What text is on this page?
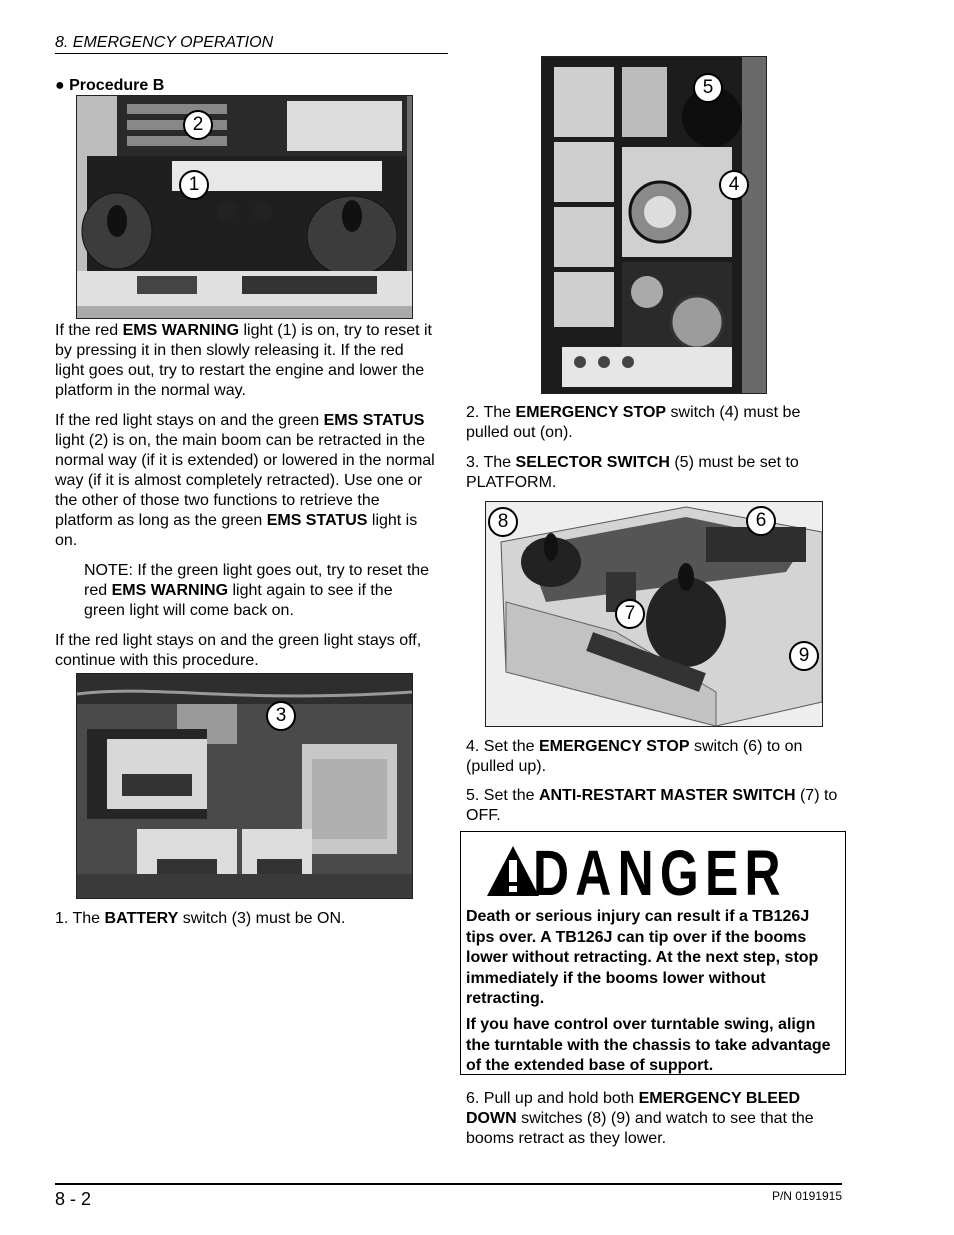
8. EMERGENCY OPERATION
● Procedure B
2
1
If the red EMS WARNING light (1) is on, try to reset it by pressing it in then slowly releasing it. If the red light goes out, try to restart the engine and lower the platform in the normal way.
If the red light stays on and the green EMS STATUS light (2) is on, the main boom can be retracted in the normal way (if it is extended) or lowered in the normal way (if it is almost completely retracted). Use one or the other of those two functions to retrieve the platform as long as the green EMS STATUS light is on.
NOTE: If the green light goes out, try to reset the red EMS WARNING light again to see if the green light will come back on.
If the red light stays on and the green light stays off, continue with this procedure.
3
1. The BATTERY switch (3) must be ON.
5
4
2. The EMERGENCY STOP switch (4) must be pulled out (on).
3. The SELECTOR SWITCH (5) must be set to PLATFORM.
8	6
7
9
4. Set the EMERGENCY STOP switch (6) to on (pulled up).
5. Set the ANTI-RESTART MASTER SWITCH (7) to OFF.
DANGER
Death or serious injury can result if a TB126J tips over. A TB126J can tip over if the booms lower without retracting. At the next step, stop immediately if the booms lower without retracting.
If you have control over turntable swing, align the turntable with the chassis to take advantage of the extended base of support.
6. Pull up and hold both EMERGENCY BLEED DOWN switches (8) (9) and watch to see that the booms retract as they lower.
8 - 2	P/N 0191915
